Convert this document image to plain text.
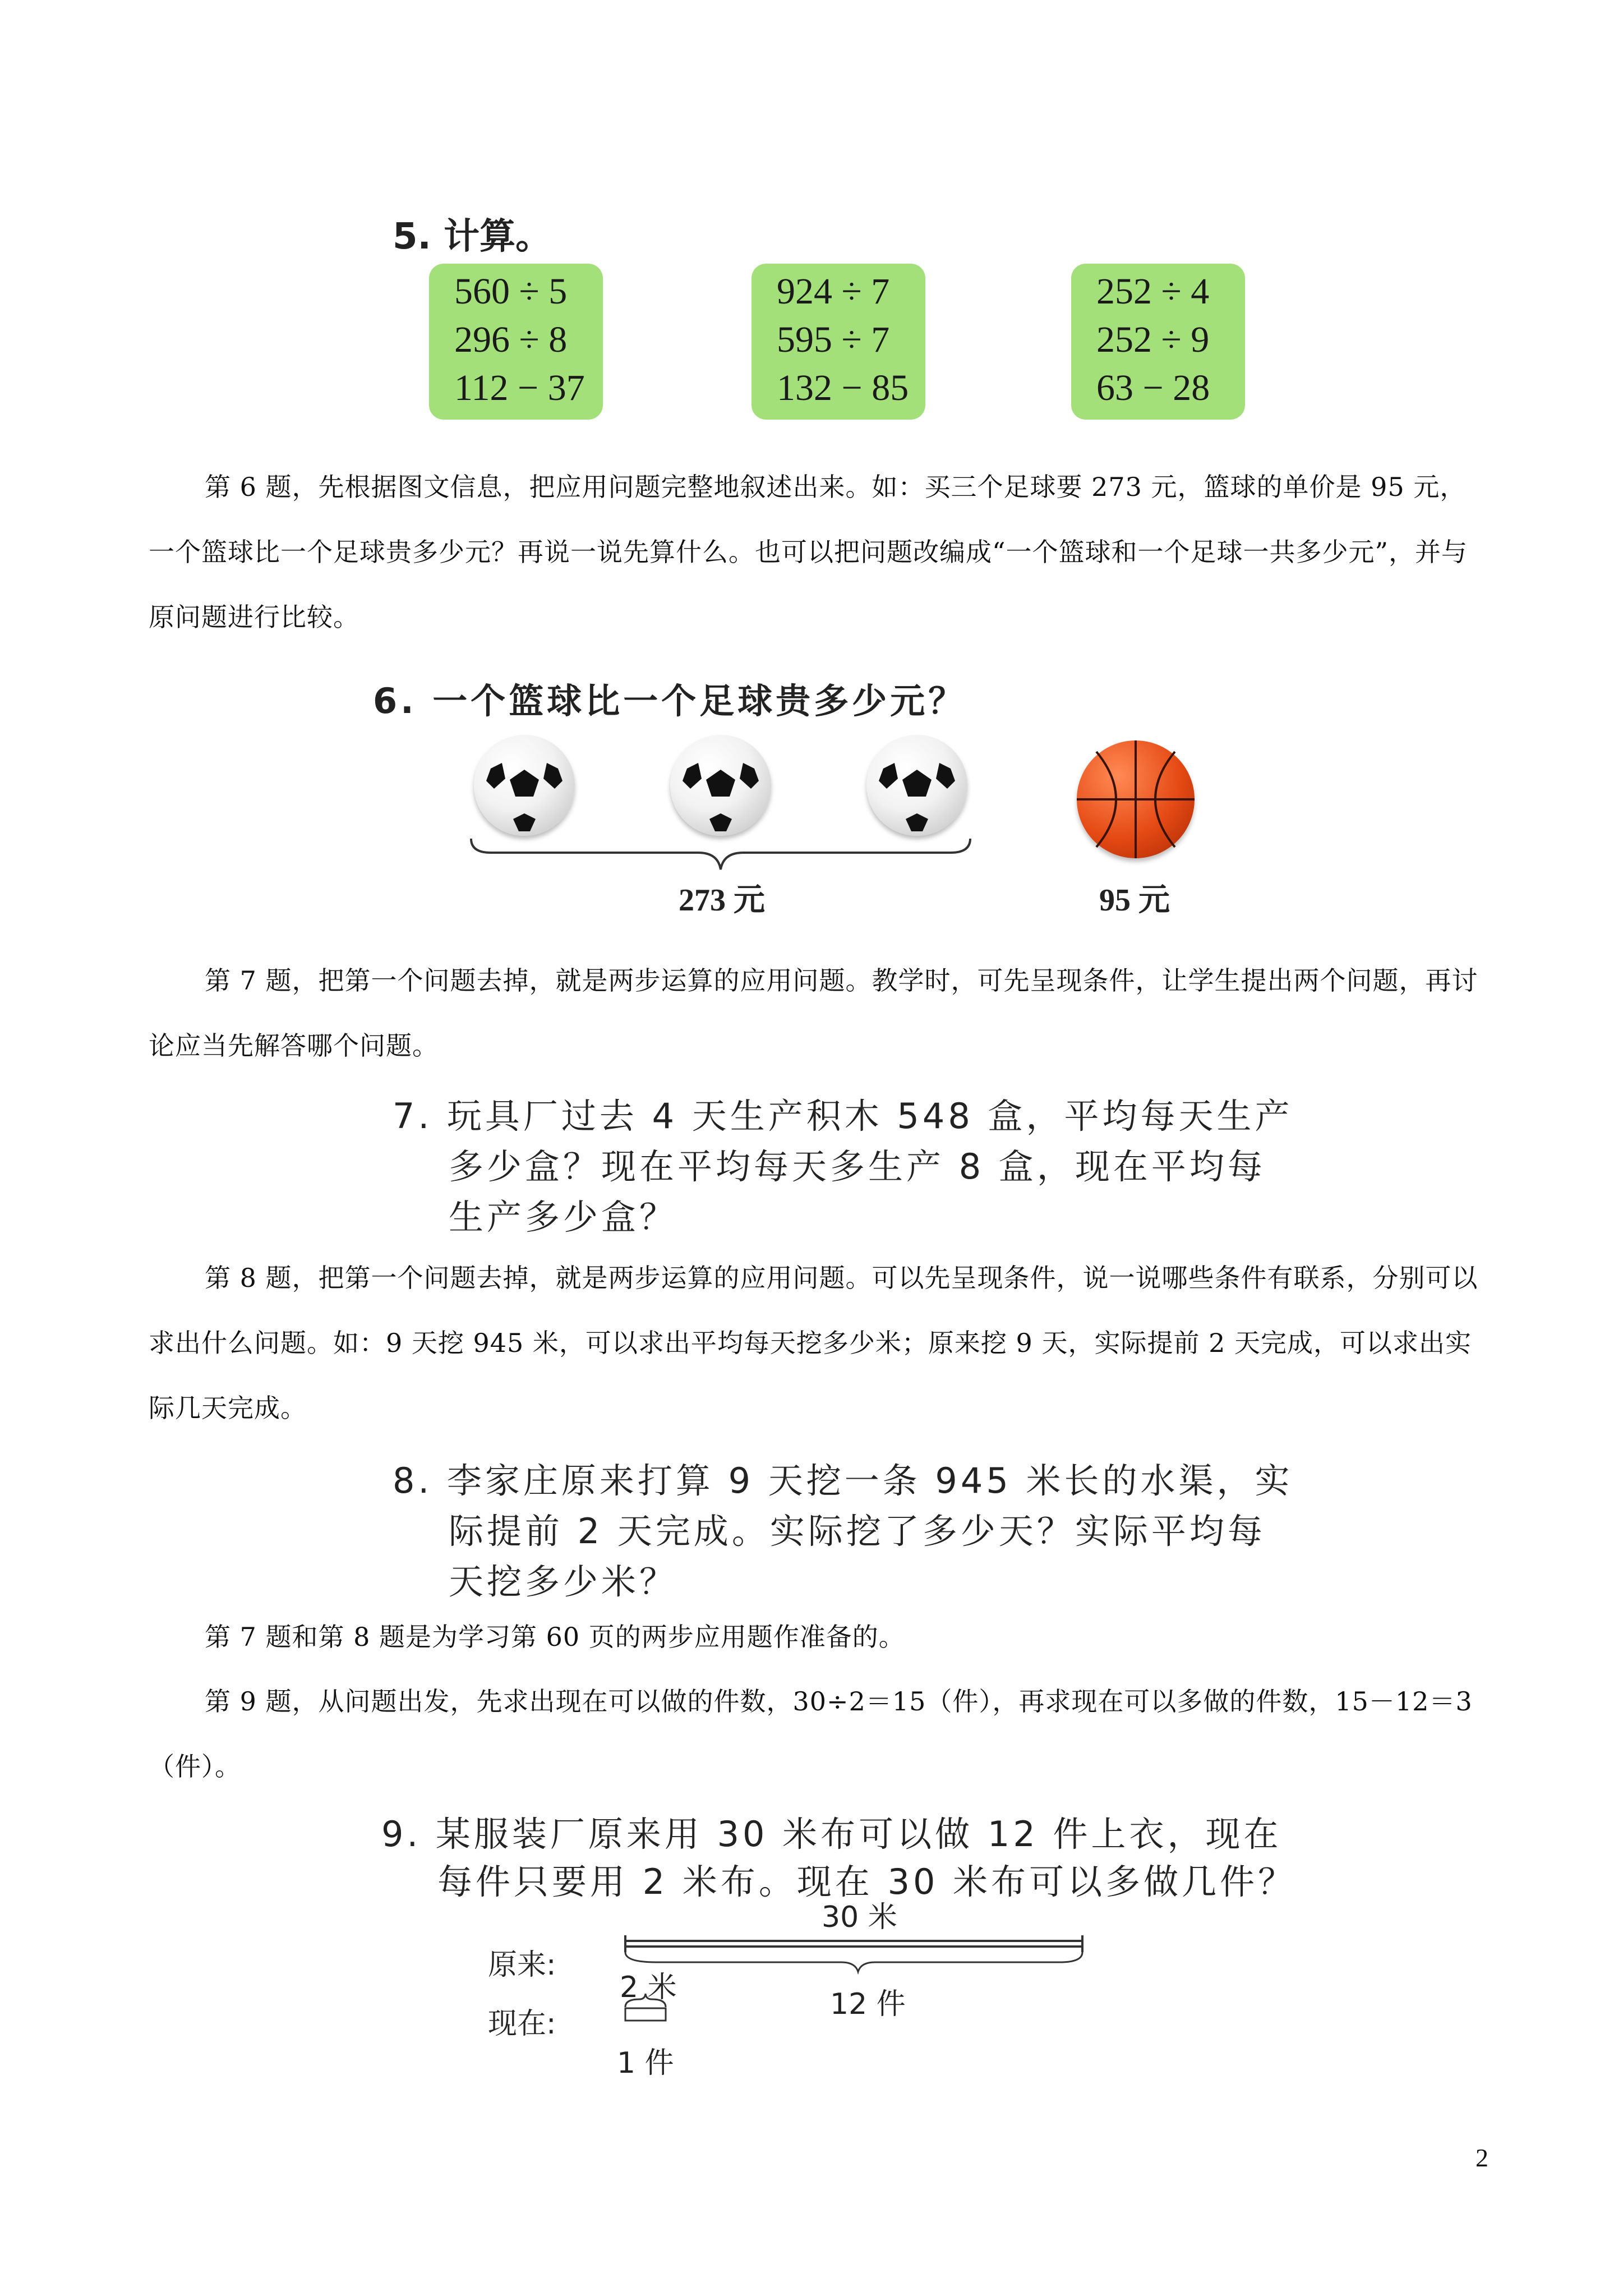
5. 计算。
560 ÷ 5
296 ÷ 8
112 − 37
924 ÷ 7
595 ÷ 7
132 − 85
252 ÷ 4
252 ÷ 9
63 − 28
第 6 题，先根据图文信息，把应用问题完整地叙述出来。如：买三个足球要 273 元，篮球的单价是 95 元，一个篮球比一个足球贵多少元？再说一说先算什么。也可以把问题改编成“一个篮球和一个足球一共多少元”，并与原问题进行比较。
6. 一个篮球比一个足球贵多少元？
273 元	95 元
第 7 题，把第一个问题去掉，就是两步运算的应用问题。教学时，可先呈现条件，让学生提出两个问题，再讨论应当先解答哪个问题。
7. 玩具厂过去 4 天生产积木 548 盒，平均每天生产
多少盒？现在平均每天多生产 8 盒，现在平均每
生产多少盒？
第 8 题，把第一个问题去掉，就是两步运算的应用问题。可以先呈现条件，说一说哪些条件有联系，分别可以求出什么问题。如：9 天挖 945 米，可以求出平均每天挖多少米；原来挖 9 天，实际提前 2 天完成，可以求出实际几天完成。
8. 李家庄原来打算 9 天挖一条 945 米长的水渠，实
际提前 2 天完成。实际挖了多少天？实际平均每
天挖多少米？
第 7 题和第 8 题是为学习第 60 页的两步应用题作准备的。
第 9 题，从问题出发，先求出现在可以做的件数，30÷2＝15（件），再求现在可以多做的件数，15－12＝3（件）。
9. 某服装厂原来用 30 米布可以做 12 件上衣，现在
每件只要用 2 米布。现在 30 米布可以多做几件？
30 米
原来:
现在:
2 米	12 件
1 件
2
